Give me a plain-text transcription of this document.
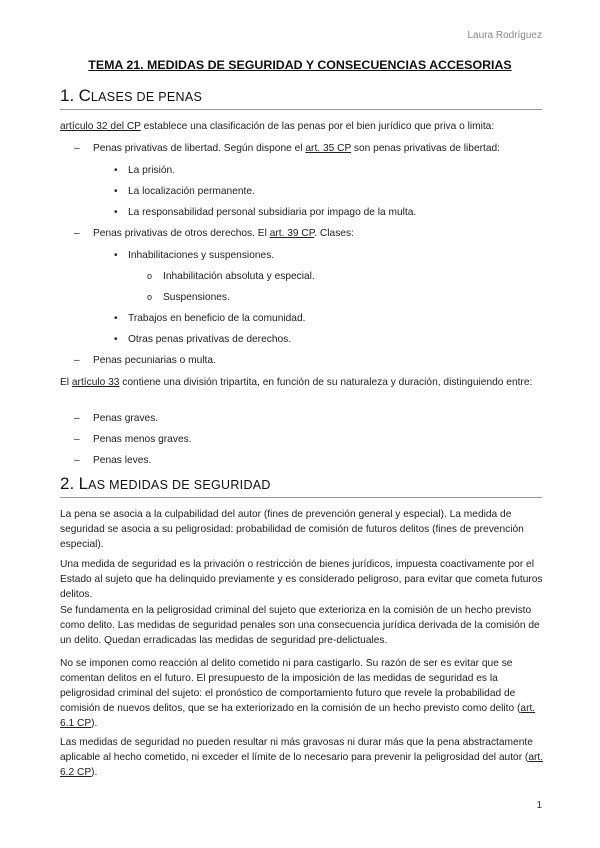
Laura Rodríguez
TEMA 21. MEDIDAS DE SEGURIDAD Y CONSECUENCIAS ACCESORIAS
1. CLASES DE PENAS
artículo 32 del CP establece una clasificación de las penas por el bien jurídico que priva o limita:
– Penas privativas de libertad. Según dispone el art. 35 CP son penas privativas de libertad:
• La prisión.
• La localización permanente.
• La responsabilidad personal subsidiaria por impago de la multa.
– Penas privativas de otros derechos. El art. 39 CP. Clases:
• Inhabilitaciones y suspensiones.
o Inhabilitación absoluta y especial.
o Suspensiones.
• Trabajos en beneficio de la comunidad.
• Otras penas privativas de derechos.
– Penas pecuniarias o multa.
El artículo 33 contiene una división tripartita, en función de su naturaleza y duración, distinguiendo entre:
– Penas graves.
– Penas menos graves.
– Penas leves.
2. LAS MEDIDAS DE SEGURIDAD
La pena se asocia a la culpabilidad del autor (fines de prevención general y especial). La medida de seguridad se asocia a su peligrosidad: probabilidad de comisión de futuros delitos (fines de prevención especial).
Una medida de seguridad es la privación o restricción de bienes jurídicos, impuesta coactivamente por el Estado al sujeto que ha delinquido previamente y es considerado peligroso, para evitar que cometa futuros delitos.
Se fundamenta en la peligrosidad criminal del sujeto que exterioriza en la comisión de un hecho previsto como delito. Las medidas de seguridad penales son una consecuencia jurídica derivada de la comisión de un delito. Quedan erradicadas las medidas de seguridad pre-delictuales.
No se imponen como reacción al delito cometido ni para castigarlo. Su razón de ser es evitar que se comentan delitos en el futuro. El presupuesto de la imposición de las medidas de seguridad es la peligrosidad criminal del sujeto: el pronóstico de comportamiento futuro que revele la probabilidad de comisión de nuevos delitos, que se ha exteriorizado en la comisión de un hecho previsto como delito (art. 6.1 CP).
Las medidas de seguridad no pueden resultar ni más gravosas ni durar más que la pena abstractamente aplicable al hecho cometido, ni exceder el límite de lo necesario para prevenir la peligrosidad del autor (art. 6.2 CP).
1
